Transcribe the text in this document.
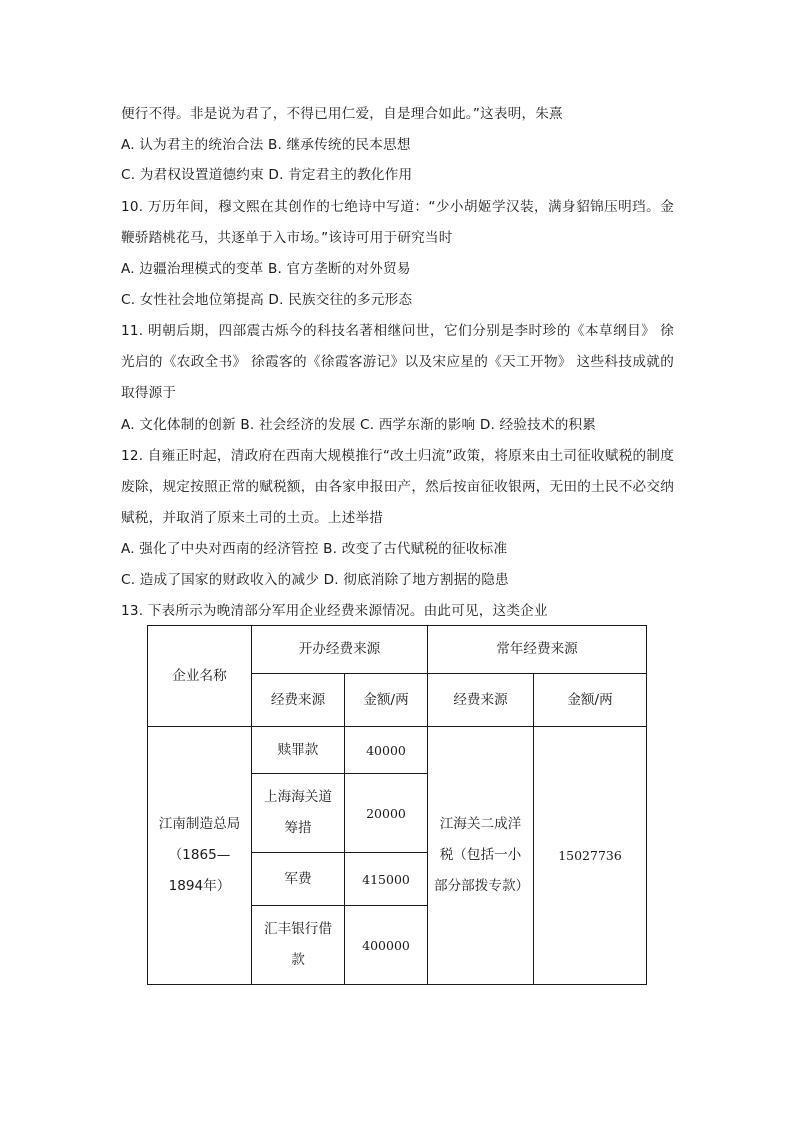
便行不得。非是说为君了，不得已用仁爱，自是理合如此。”这表明，朱熹
A. 认为君主的统治合法 B. 继承传统的民本思想
C. 为君权设置道德约束 D. 肯定君主的教化作用
10. 万历年间，穆文熙在其创作的七绝诗中写道：“少小胡姬学汉装，满身貂锦压明珰。金
鞭骄踏桃花马，共逐单于入市场。”该诗可用于研究当时
A. 边疆治理模式的变革 B. 官方垄断的对外贸易
C. 女性社会地位第提高 D. 民族交往的多元形态
11. 明朝后期，四部震古烁今的科技名著相继问世，它们分别是李时珍的《本草纲目》 徐
光启的《农政全书》 徐霞客的《徐霞客游记》以及宋应星的《天工开物》 这些科技成就的
取得源于
A. 文化体制的创新 B. 社会经济的发展 C. 西学东渐的影响 D. 经验技术的积累
12. 自雍正时起，清政府在西南大规模推行“改土归流”政策，将原来由土司征收赋税的制度
废除，规定按照正常的赋税额，由各家申报田产，然后按亩征收银两，无田的土民不必交纳
赋税，并取消了原来土司的土贡。上述举措
A. 强化了中央对西南的经济管控 B. 改变了古代赋税的征收标准
C. 造成了国家的财政收入的减少 D. 彻底消除了地方割据的隐患
13. 下表所示为晚清部分军用企业经费来源情况。由此可见，这类企业
企业名称	开办经费来源		常年经费来源	
	经费来源	金额/两	经费来源	金额/两
江南制造总局（1865—1894年）	赎罪款	40000	江海关二成洋税（包括一小部分部拨专款）	15027736
	上海海关道筹措	20000		
	军费	415000		
	汇丰银行借款	400000		
